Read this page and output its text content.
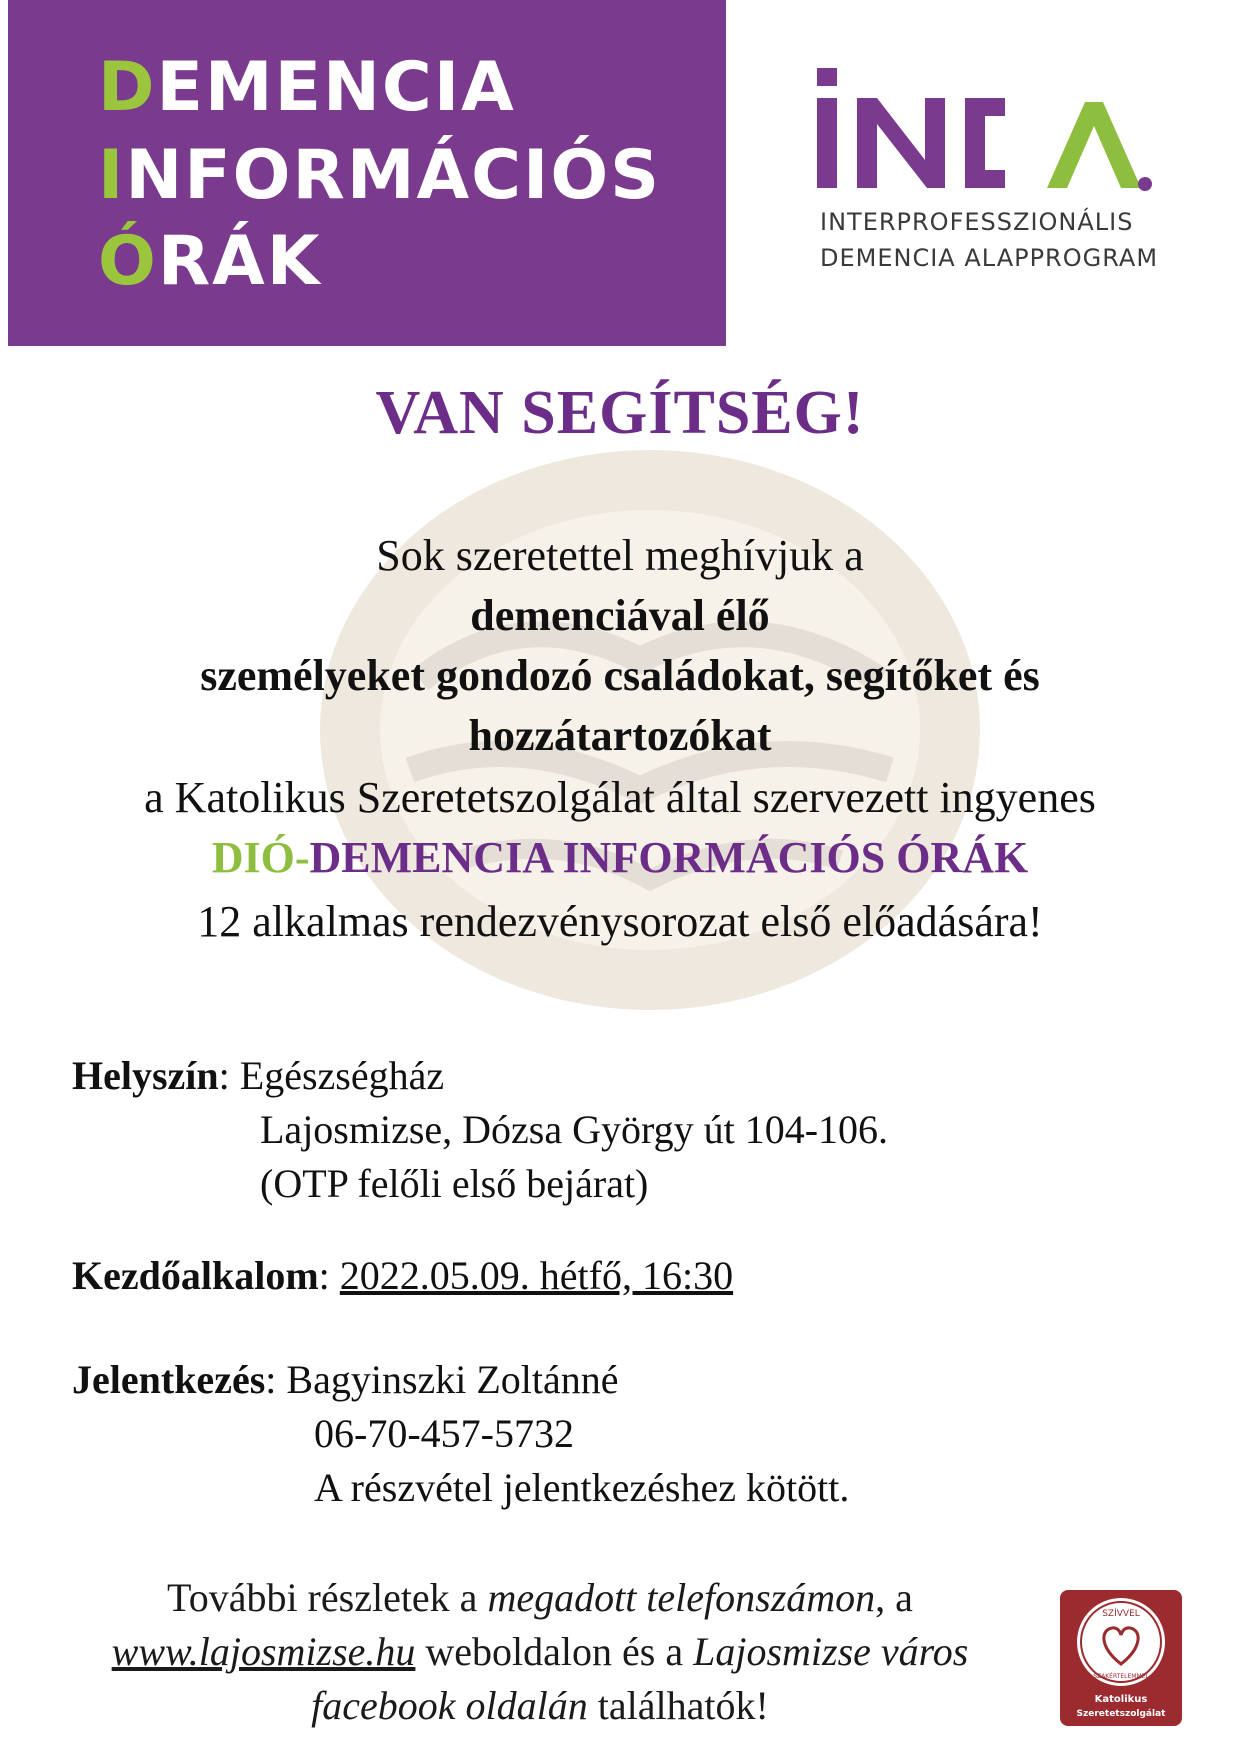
DEMENCIA
INFORMÁCIÓS
ÓRÁK	INTERPROFESSZIONÁLIS
DEMENCIA ALAPPROGRAM
VAN SEGÍTSÉG!
Sok szeretettel meghívjuk a
demenciával élő
személyeket gondozó családokat, segítőket és
hozzátartozókat
a Katolikus Szeretetszolgálat által szervezett ingyenes
DIÓ-DEMENCIA INFORMÁCIÓS ÓRÁK
12 alkalmas rendezvénysorozat első előadására!
Helyszín: Egészségház
Lajosmizse, Dózsa György út 104-106.
(OTP felőli első bejárat)
Kezdőalkalom: 2022.05.09. hétfő, 16:30
Jelentkezés: Bagyinszki Zoltánné
06-70-457-5732
A részvétel jelentkezéshez kötött.
További részletek a megadott telefonszámon, a
www.lajosmizse.hu weboldalon és a Lajosmizse város
facebook oldalán találhatók!
SZÍVVEL
SZAKÉRTELEMMEL
Katolikus
Szeretetszolgálat
